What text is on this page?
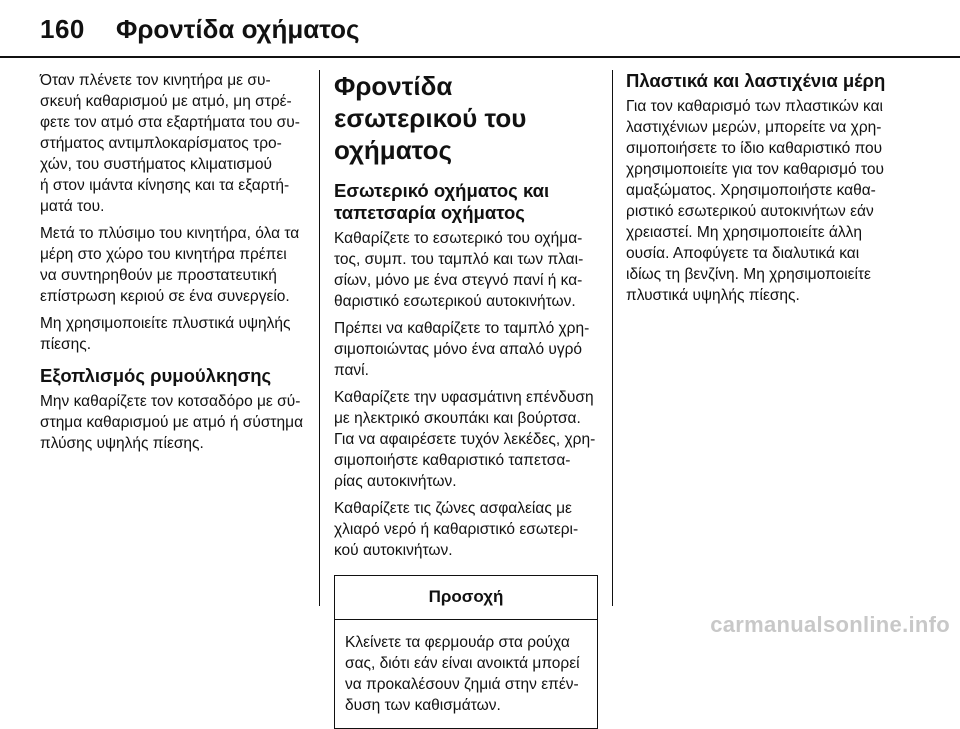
160 Φροντίδα οχήματος

Όταν πλένετε τον κινητήρα με συ-
σκευή καθαρισμού με ατμό, μη στρέ-
φετε τον ατμό στα εξαρτήματα του συ-
στήματος αντιμπλοκαρίσματος τρο-
χών, του συστήματος κλιματισμού
ή στον ιμάντα κίνησης και τα εξαρτή-
ματά του.

Μετά το πλύσιμο του κινητήρα, όλα τα
μέρη στο χώρο του κινητήρα πρέπει
να συντηρηθούν με προστατευτική
επίστρωση κεριού σε ένα συνεργείο.

Μη χρησιμοποιείτε πλυστικά υψηλής
πίεσης.

Εξοπλισμός ρυμούλκησης

Μην καθαρίζετε τον κοτσαδόρο με σύ-
στημα καθαρισμού με ατμό ή σύστημα
πλύσης υψηλής πίεσης.

Φροντίδα εσωτερικού του
οχήματος
Εσωτερικό οχήματος και
ταπετσαρία οχήματος

Καθαρίζετε το εσωτερικό του οχήμα-
τος, συμπ. του ταμπλό και των πλαι-
σίων, μόνο με ένα στεγνό πανί ή κα-
θαριστικό εσωτερικού αυτοκινήτων.

Πρέπει να καθαρίζετε το ταμπλό χρη-
σιμοποιώντας μόνο ένα απαλό υγρό
πανί.

Καθαρίζετε την υφασμάτινη επένδυση
με ηλεκτρικό σκουπάκι και βούρτσα.
Για να αφαιρέσετε τυχόν λεκέδες, χρη-
σιμοποιήστε καθαριστικό ταπετσα-
ρίας αυτοκινήτων.

Καθαρίζετε τις ζώνες ασφαλείας με
χλιαρό νερό ή καθαριστικό εσωτερι-
κού αυτοκινήτων.

Προσοχή
Κλείνετε τα φερμουάρ στα ρούχα
σας, διότι εάν είναι ανοικτά μπορεί
να προκαλέσουν ζημιά στην επέν-
δυση των καθισμάτων.
Πλαστικά και λαστιχένια μέρη

Για τον καθαρισμό των πλαστικών και
λαστιχένιων μερών, μπορείτε να χρη-
σιμοποιήσετε το ίδιο καθαριστικό που
χρησιμοποιείτε για τον καθαρισμό του
αμαξώματος. Χρησιμοποιήστε καθα-
ριστικό εσωτερικού αυτοκινήτων εάν
χρειαστεί. Μη χρησιμοποιείτε άλλη
ουσία. Αποφύγετε τα διαλυτικά και
ιδίως τη βενζίνη. Μη χρησιμοποιείτε
πλυστικά υψηλής πίεσης.

carmanualsonline.info
